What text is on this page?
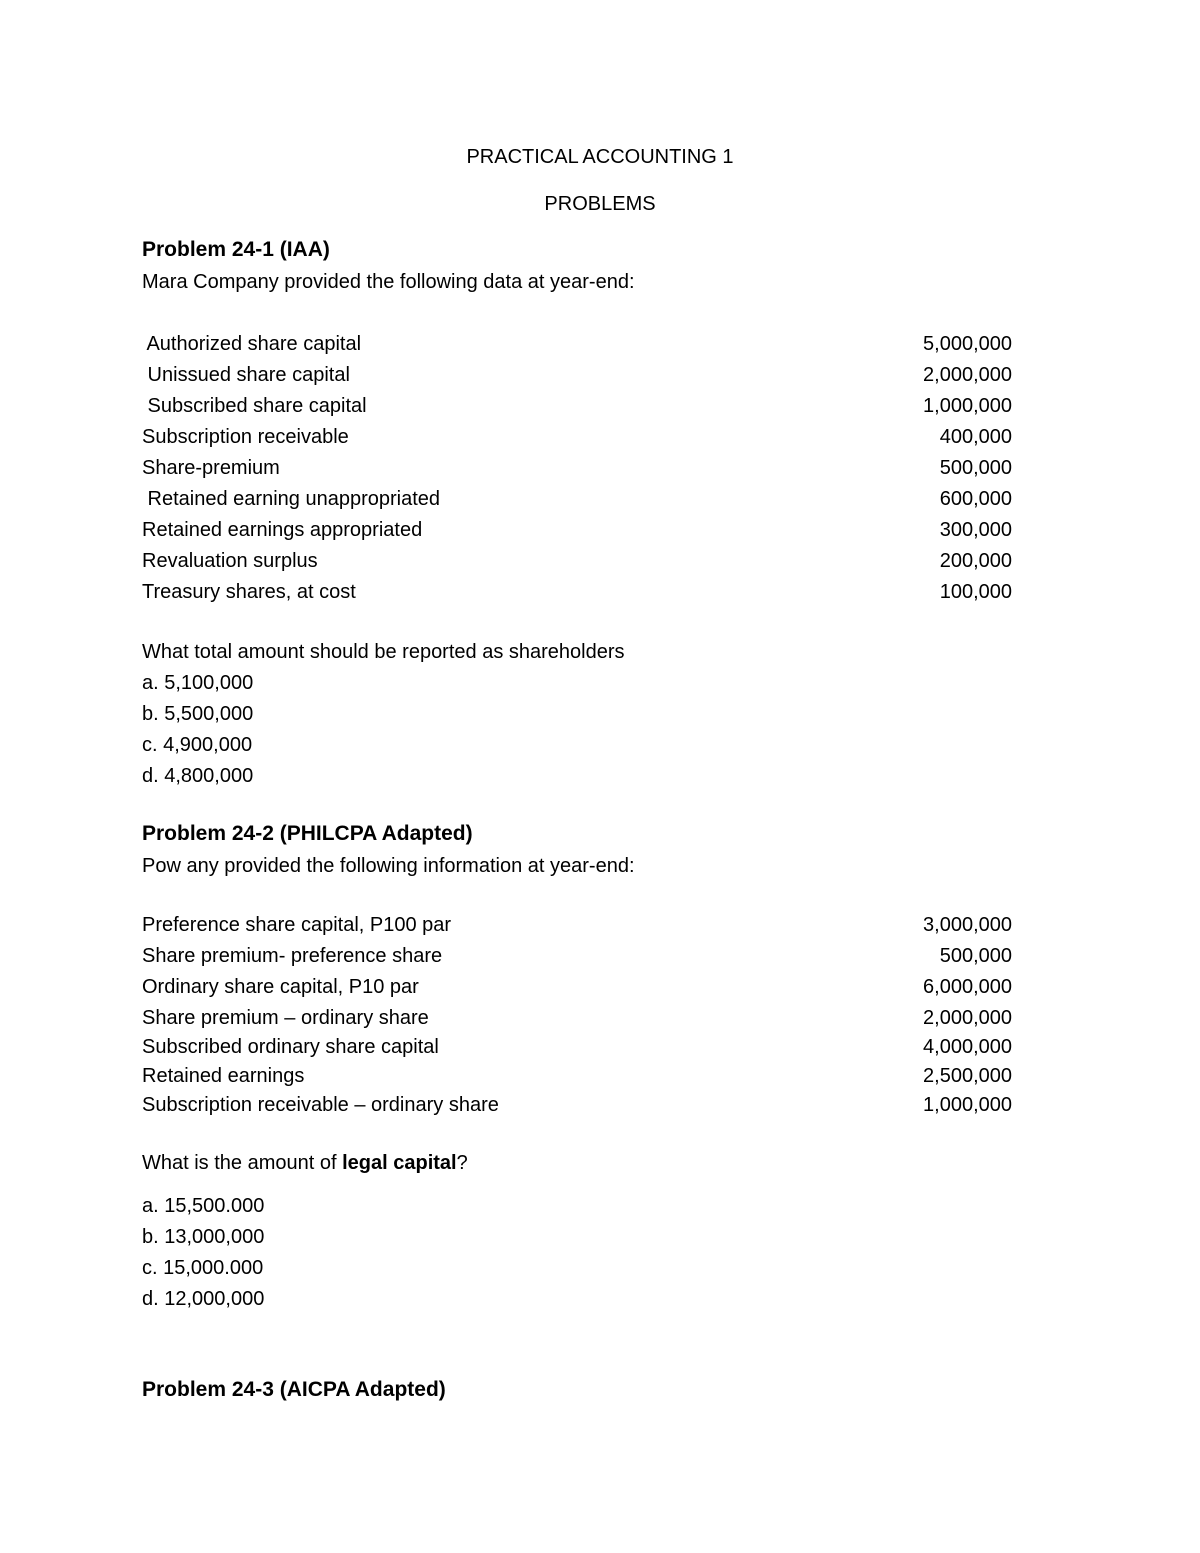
PRACTICAL ACCOUNTING 1
PROBLEMS
Problem 24-1 (IAA)
Mara Company provided the following data at year-end:
Authorized share capital	5,000,000
Unissued share capital	2,000,000
Subscribed share capital	1,000,000
Subscription receivable	400,000
Share-premium	500,000
Retained earning unappropriated	600,000
Retained earnings appropriated	300,000
Revaluation surplus	200,000
Treasury shares, at cost	100,000
What total amount should be reported as shareholders
a. 5,100,000
b. 5,500,000
c. 4,900,000
d. 4,800,000
Problem 24-2 (PHILCPA Adapted)
Pow any provided the following information at year-end:
Preference share capital, P100 par	3,000,000
Share premium- preference share	500,000
Ordinary share capital, P10 par	6,000,000
Share premium – ordinary share	2,000,000
Subscribed ordinary share capital	4,000,000
Retained earnings	2,500,000
Subscription receivable – ordinary share	1,000,000
What is the amount of legal capital?
a. 15,500.000
b. 13,000,000
c. 15,000.000
d. 12,000,000
Problem 24-3 (AICPA Adapted)
